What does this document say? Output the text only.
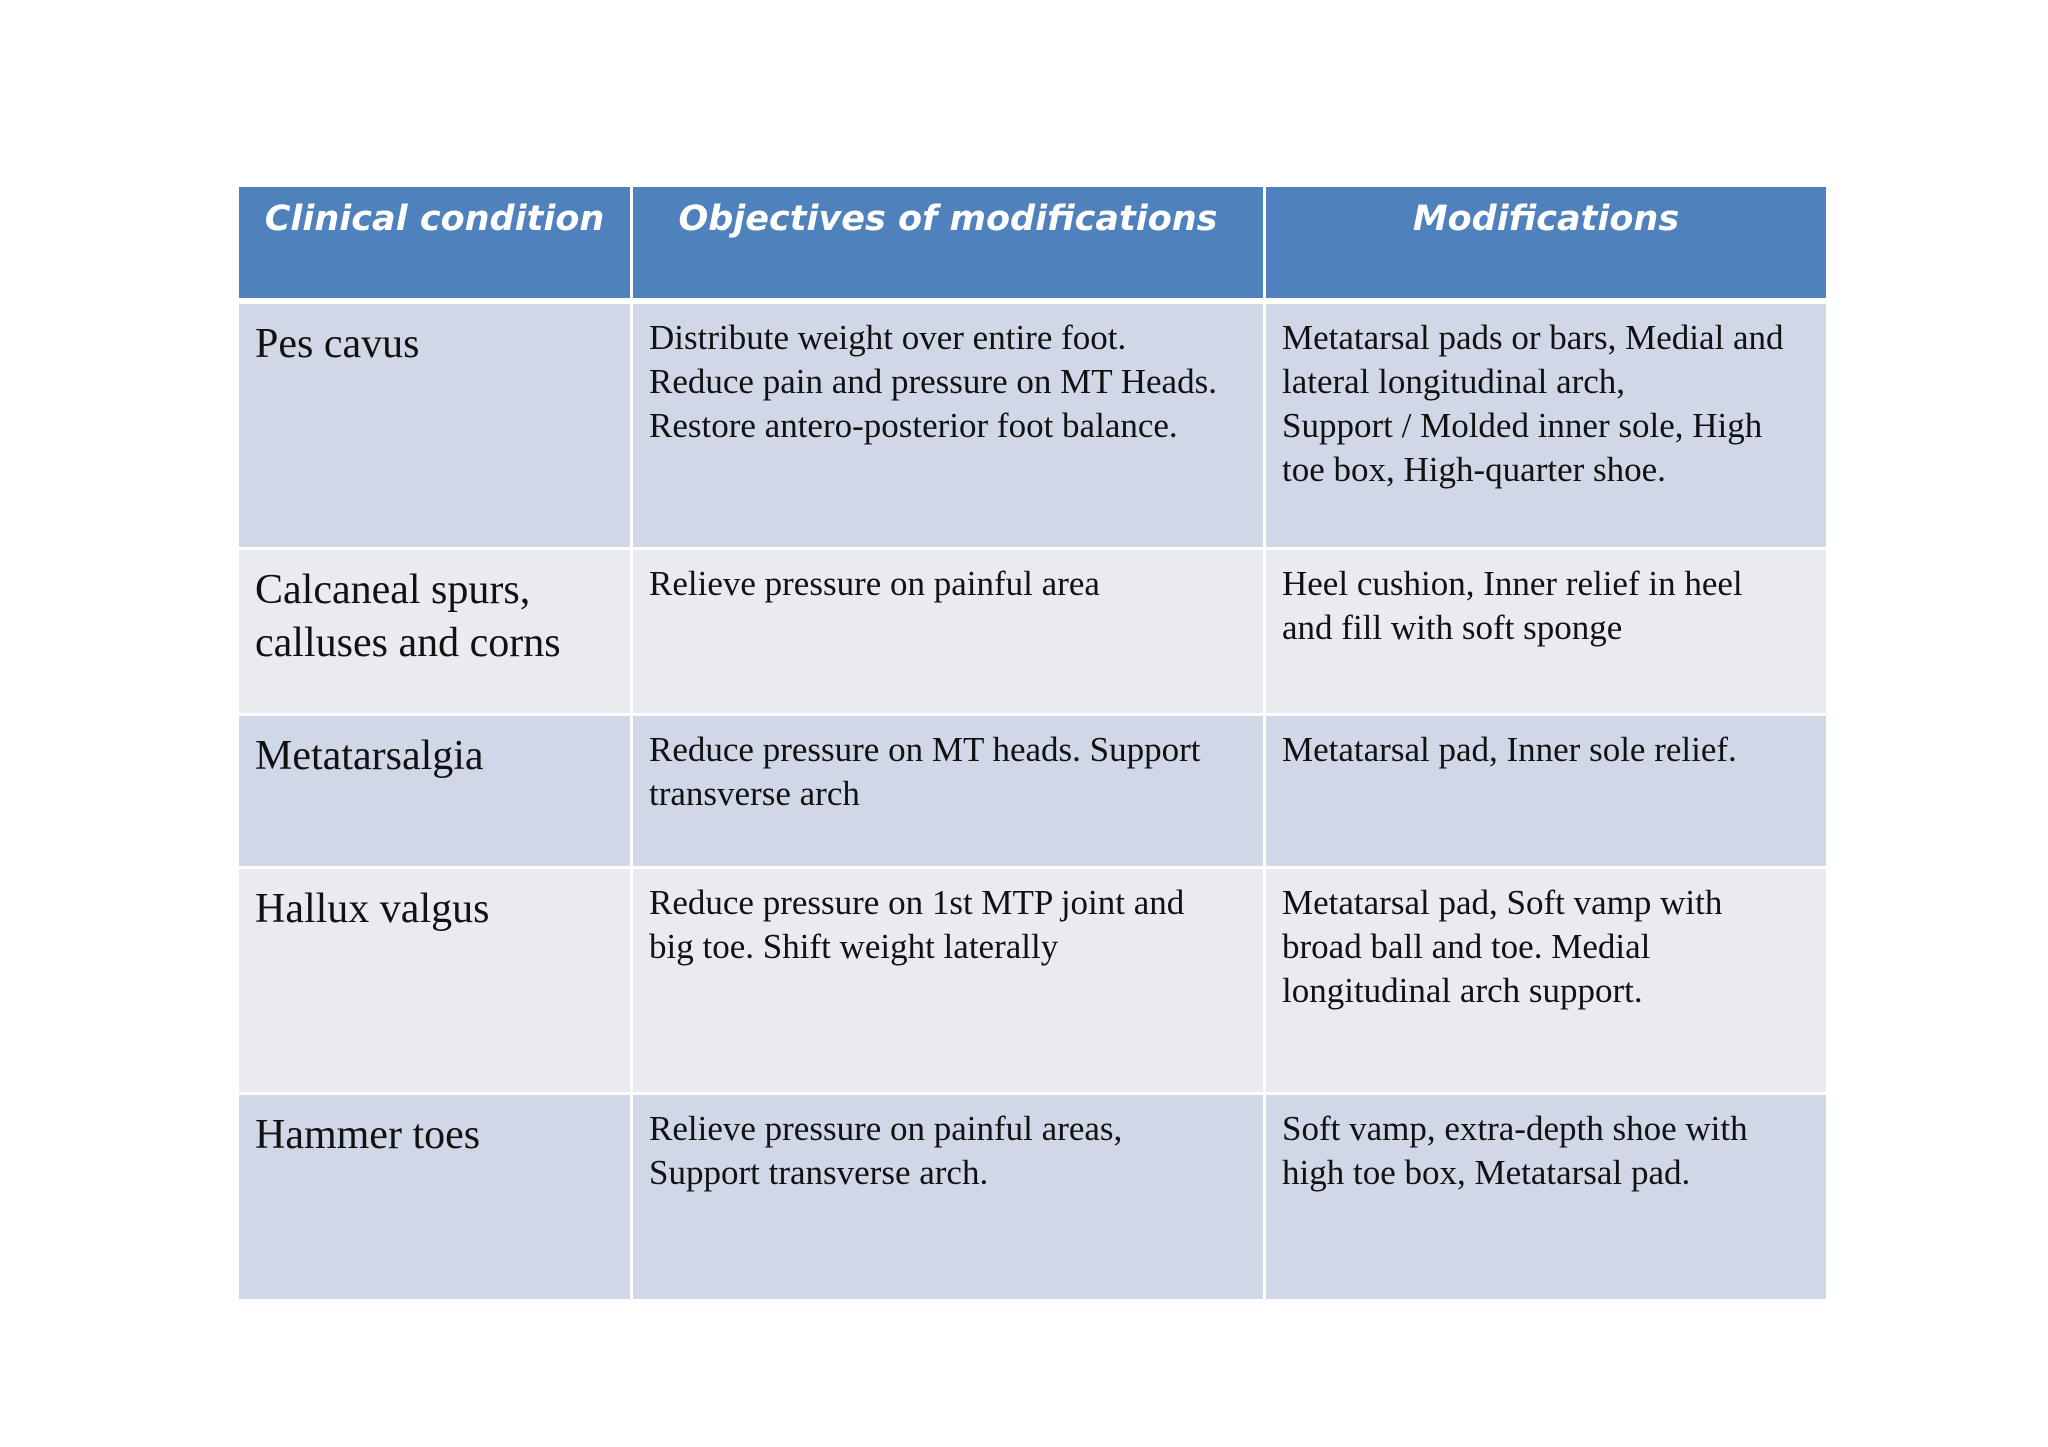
Clinical condition	Objectives of modifications	Modifications

Pes cavus	Distribute weight over entire foot.
Reduce pain and pressure on MT Heads.
Restore antero-posterior foot balance.	Metatarsal pads or bars, Medial and
lateral longitudinal arch,
Support / Molded inner sole, High
toe box, High-quarter shoe.

Calcaneal spurs,
calluses and corns	Relieve pressure on painful area	Heel cushion, Inner relief in heel
and fill with soft sponge

Metatarsalgia	Reduce pressure on MT heads. Support
transverse arch	Metatarsal pad, Inner sole relief.

Hallux valgus	Reduce pressure on 1st MTP joint and
big toe. Shift weight laterally	Metatarsal pad, Soft vamp with
broad ball and toe. Medial
longitudinal arch support.

Hammer toes	Relieve pressure on painful areas,
Support transverse arch.	Soft vamp, extra-depth shoe with
high toe box, Metatarsal pad.
